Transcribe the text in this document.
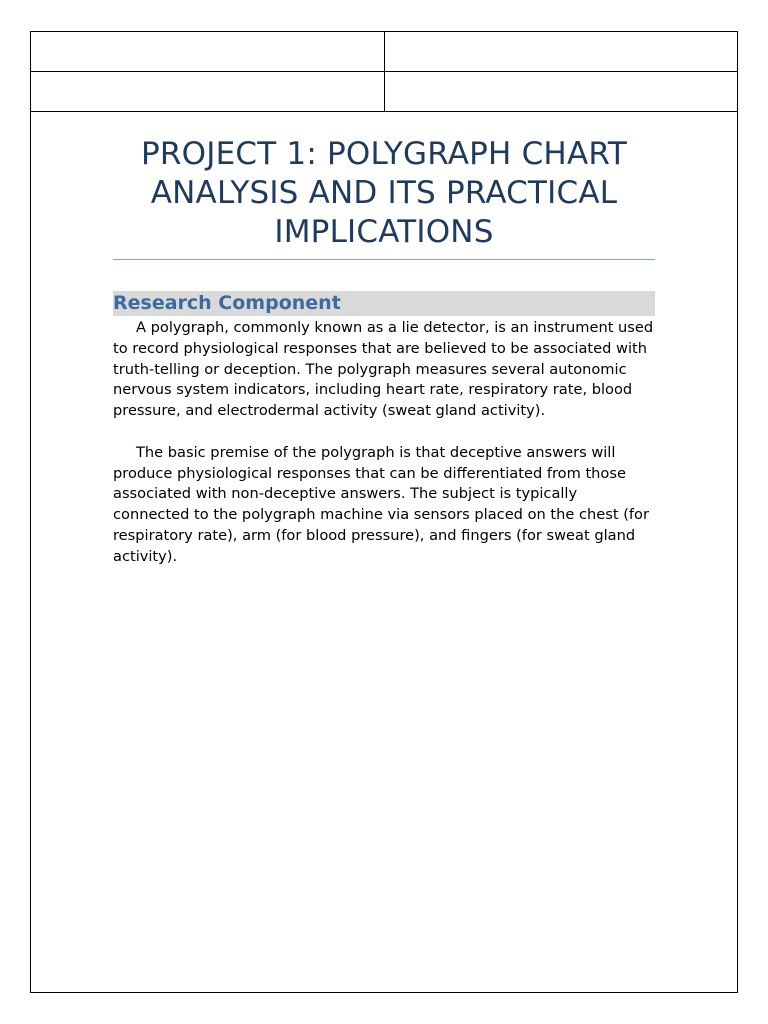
PROJECT 1: POLYGRAPH CHART ANALYSIS AND ITS PRACTICAL IMPLICATIONS
Research Component

A polygraph, commonly known as a lie detector, is an instrument used to record physiological responses that are believed to be associated with truth-telling or deception. The polygraph measures several autonomic nervous system indicators, including heart rate, respiratory rate, blood pressure, and electrodermal activity (sweat gland activity).

The basic premise of the polygraph is that deceptive answers will produce physiological responses that can be differentiated from those associated with non-deceptive answers. The subject is typically connected to the polygraph machine via sensors placed on the chest (for respiratory rate), arm (for blood pressure), and fingers (for sweat gland activity).
